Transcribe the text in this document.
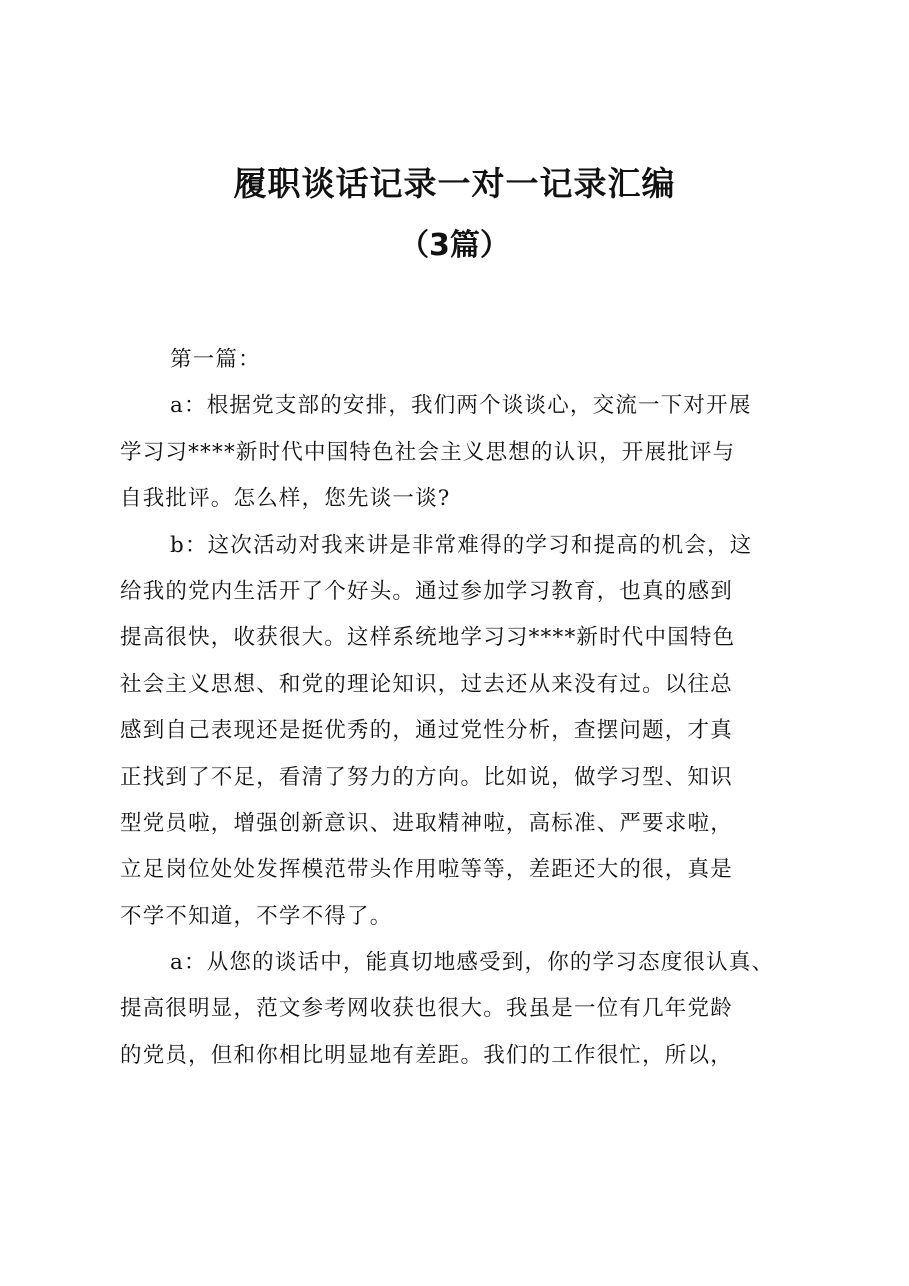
履职谈话记录一对一记录汇编
（3篇）
第一篇：
a：根据党支部的安排，我们两个谈谈心，交流一下对开展
学习习****新时代中国特色社会主义思想的认识，开展批评与
自我批评。怎么样，您先谈一谈?
b：这次活动对我来讲是非常难得的学习和提高的机会，这
给我的党内生活开了个好头。通过参加学习教育，也真的感到
提高很快，收获很大。这样系统地学习习****新时代中国特色
社会主义思想、和党的理论知识，过去还从来没有过。以往总
感到自己表现还是挺优秀的，通过党性分析，查摆问题，才真
正找到了不足，看清了努力的方向。比如说，做学习型、知识
型党员啦，增强创新意识、进取精神啦，高标准、严要求啦，
立足岗位处处发挥模范带头作用啦等等，差距还大的很，真是
不学不知道，不学不得了。
a：从您的谈话中，能真切地感受到，你的学习态度很认真、
提高很明显，范文参考网收获也很大。我虽是一位有几年党龄
的党员，但和你相比明显地有差距。我们的工作很忙，所以，
